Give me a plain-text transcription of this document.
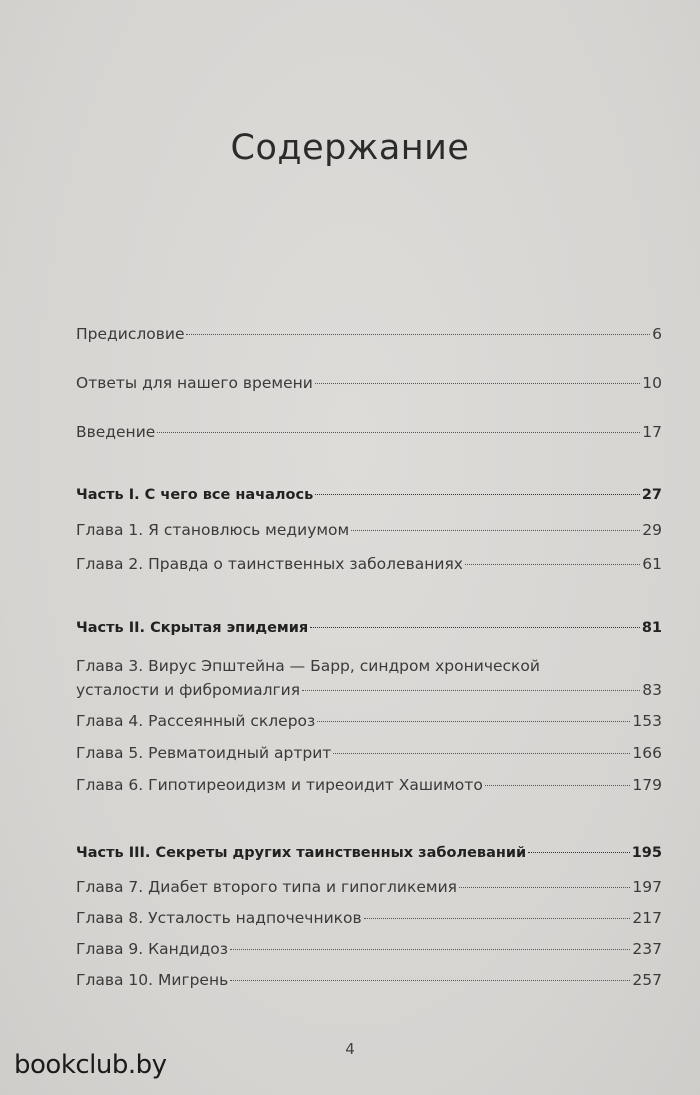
Содержание
Предисловие	6
Ответы для нашего времени	10
Введение	17
Часть I. С чего все началось	27
Глава 1. Я становлюсь медиумом	29
Глава 2. Правда о таинственных заболеваниях	61
Часть II. Скрытая эпидемия	81
Глава 3. Вирус Эпштейна — Барр, синдром хронической
усталости и фибромиалгия	83
Глава 4. Рассеянный склероз	153
Глава 5. Ревматоидный артрит	166
Глава 6. Гипотиреоидизм и тиреоидит Хашимото	179
Часть III. Секреты других таинственных заболеваний	195
Глава 7. Диабет второго типа и гипогликемия	197
Глава 8. Усталость надпочечников	217
Глава 9. Кандидоз	237
Глава 10. Мигрень	257
4
bookclub.by
